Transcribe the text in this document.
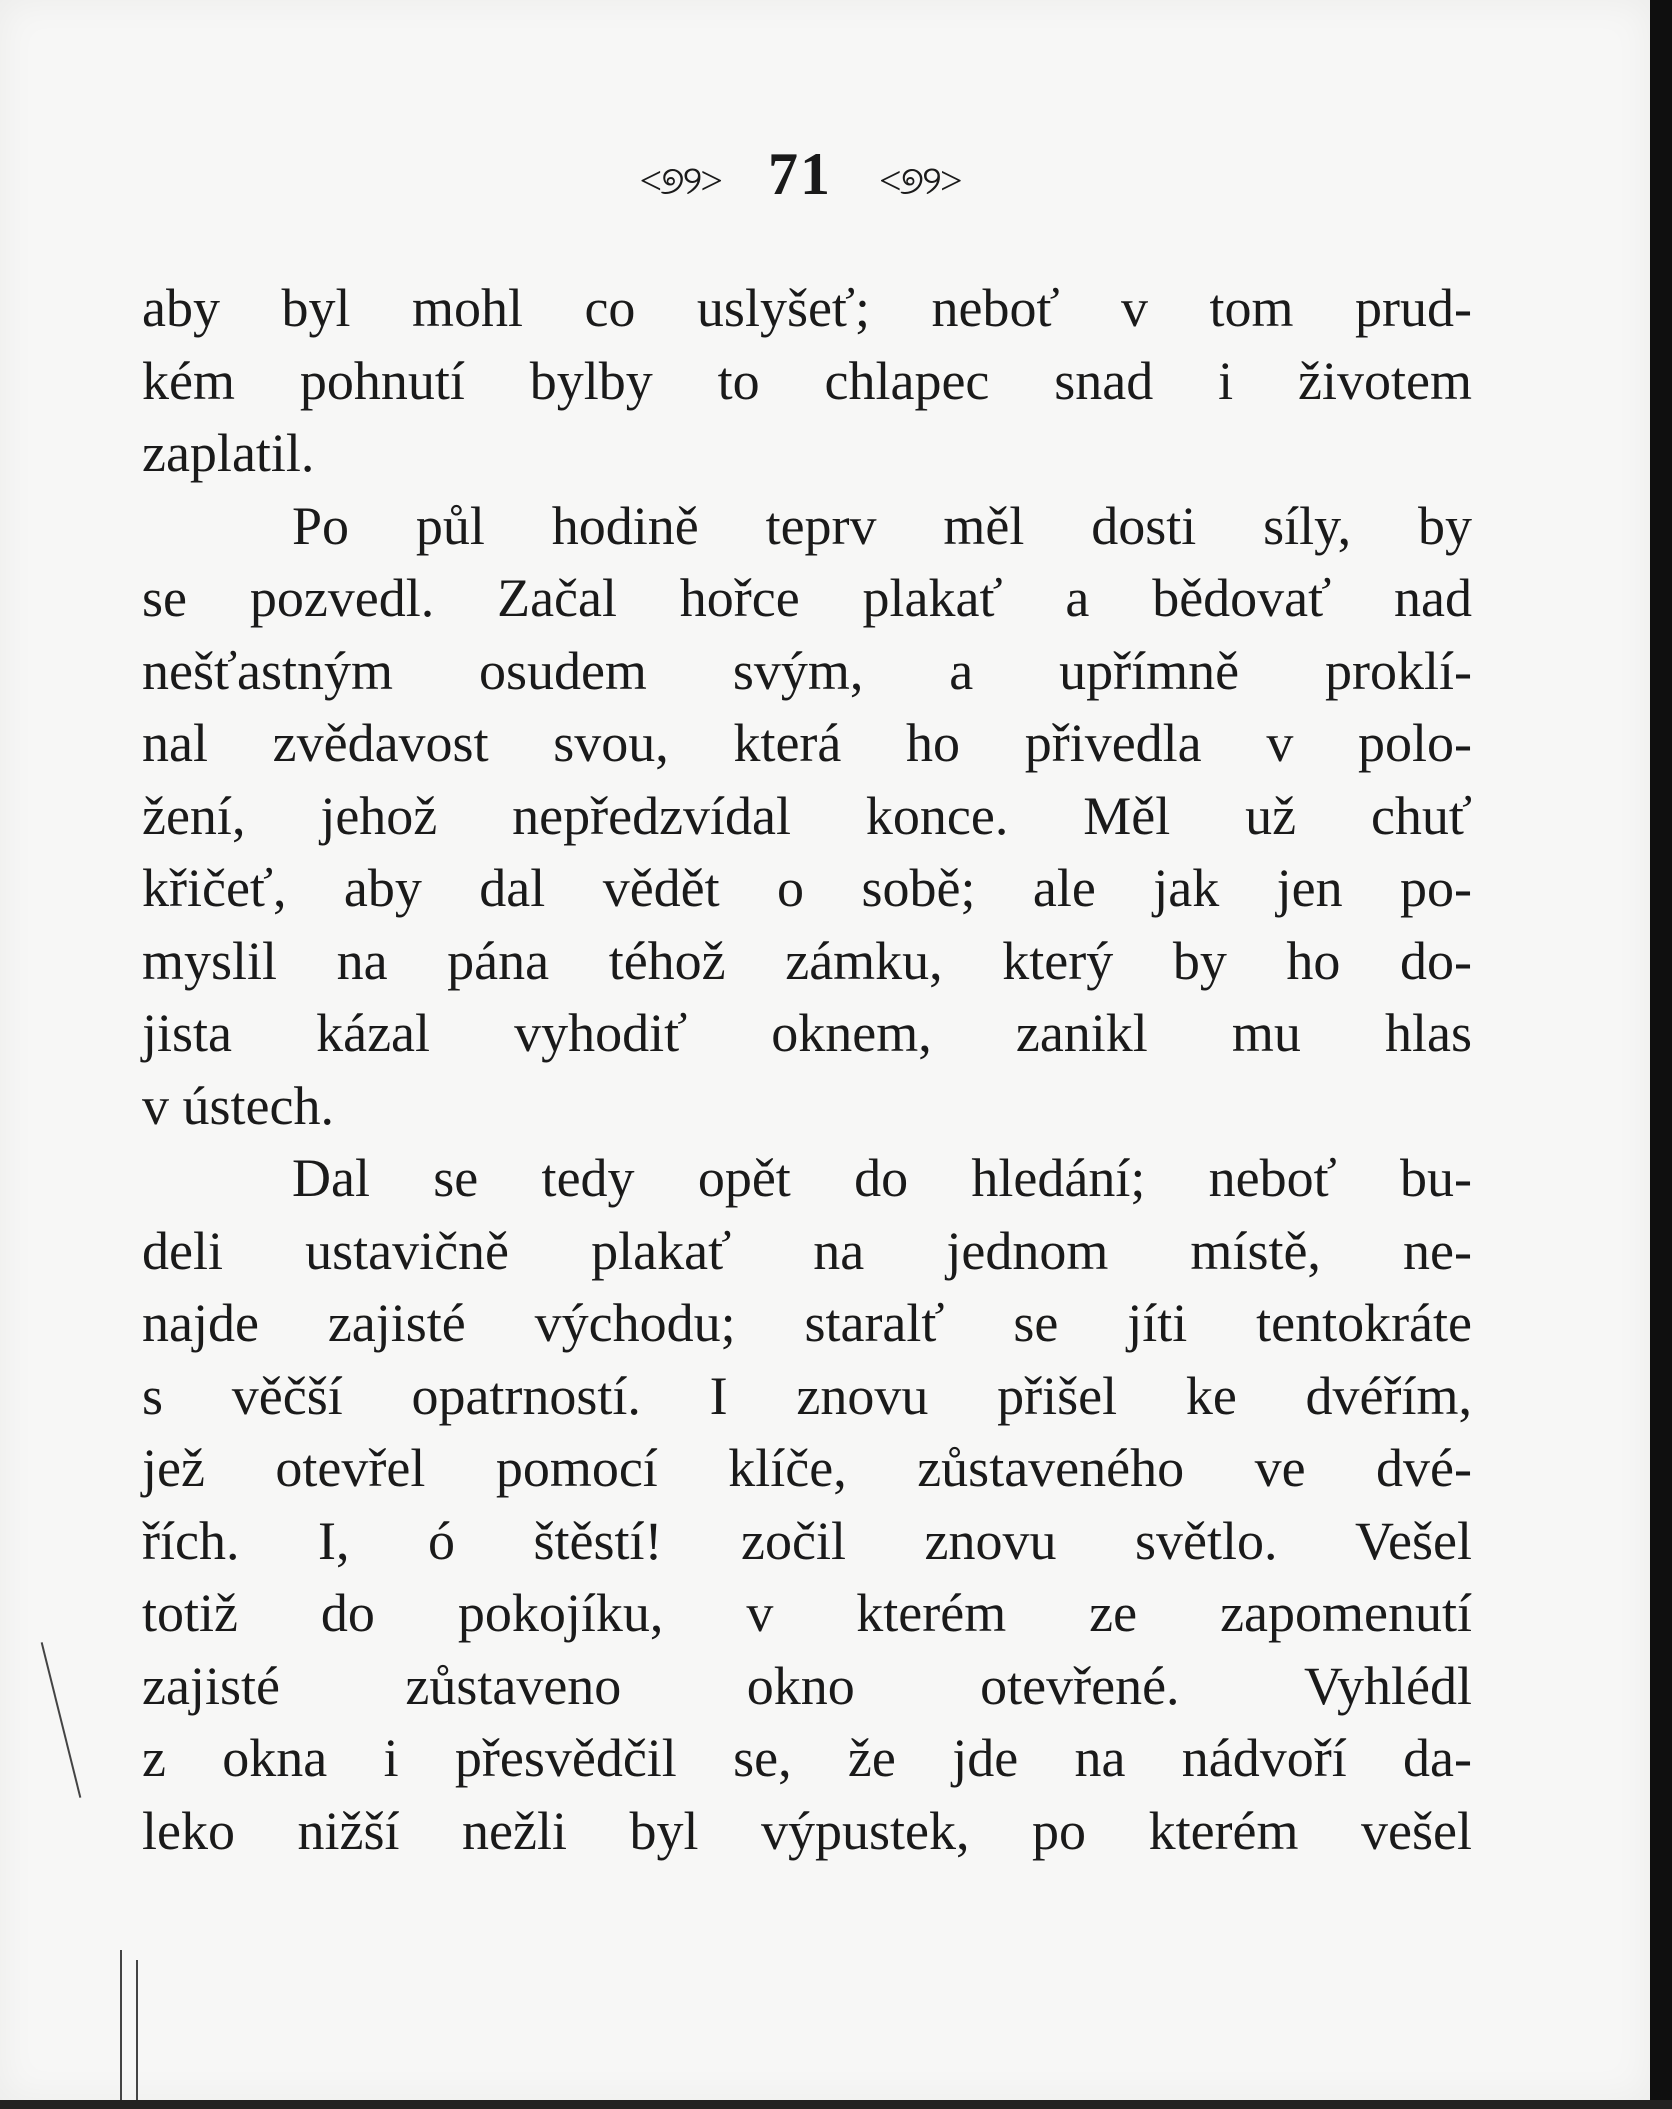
<୭୨> 71 <୭୨>
aby byl mohl co uslyšeť; neboť v tom prud-
kém pohnutí bylby to chlapec snad i životem
zaplatil.
Po půl hodině teprv měl dosti síly, by
se pozvedl. Začal hořce plakať a bědovať nad
nešťastným osudem svým, a upřímně proklí-
nal zvědavost svou, která ho přivedla v polo-
žení, jehož nepředzvídal konce. Měl už chuť
křičeť, aby dal vědět o sobě; ale jak jen po-
myslil na pána téhož zámku, který by ho do-
jista kázal vyhodiť oknem, zanikl mu hlas
v ústech.
Dal se tedy opět do hledání; neboť bu-
deli ustavičně plakať na jednom místě, ne-
najde zajisté východu; staralť se jíti tentokráte
s věčší opatrností. I znovu přišel ke dvéřím,
jež otevřel pomocí klíče, zůstaveného ve dvé-
řích. I, ó štěstí! zočil znovu světlo. Vešel
totiž do pokojíku, v kterém ze zapomenutí
zajisté zůstaveno okno otevřené. Vyhlédl
z okna i přesvědčil se, že jde na nádvoří da-
leko nižší nežli byl výpustek, po kterém vešel
